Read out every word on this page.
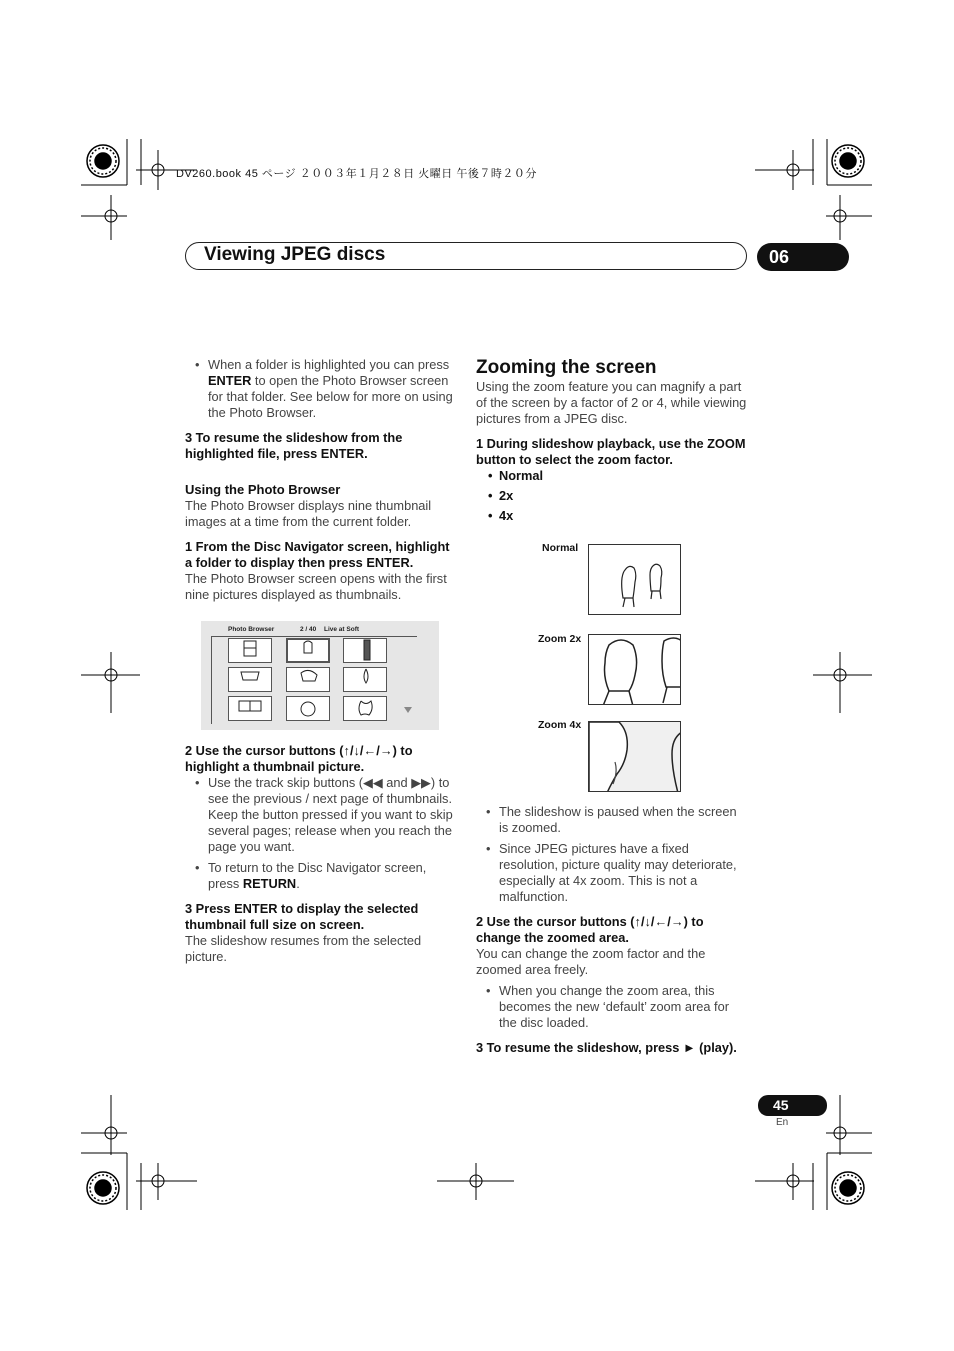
DV260.book 45 ページ ２００３年１月２８日 火曜日 午後７時２０分
Viewing JPEG discs	06

• When a folder is highlighted you can press ENTER to open the Photo Browser screen for that folder. See below for more on using the Photo Browser.

3 To resume the slideshow from the highlighted file, press ENTER.

Using the Photo Browser

The Photo Browser displays nine thumbnail images at a time from the current folder.

1 From the Disc Navigator screen, highlight a folder to display then press ENTER.

The Photo Browser screen opens with the first nine pictures displayed as thumbnails.

Photo Browser	2 / 40 Live at Soft

2 Use the cursor buttons (↑/↓/←/→) to highlight a thumbnail picture.

• Use the track skip buttons (◀◀ and ▶▶) to see the previous / next page of thumbnails. Keep the button pressed if you want to skip several pages; release when you reach the page you want.

• To return to the Disc Navigator screen, press RETURN.

3 Press ENTER to display the selected thumbnail full size on screen.

The slideshow resumes from the selected picture.

Zooming the screen

Using the zoom feature you can magnify a part of the screen by a factor of 2 or 4, while viewing pictures from a JPEG disc.

1 During slideshow playback, use the ZOOM button to select the zoom factor.

• Normal

• 2x

• 4x

Normal
Zoom 2x
Zoom 4x

• The slideshow is paused when the screen is zoomed.

• Since JPEG pictures have a fixed resolution, picture quality may deteriorate, especially at 4x zoom. This is not a malfunction.

2 Use the cursor buttons (↑/↓/←/→) to change the zoomed area.

You can change the zoom factor and the zoomed area freely.

• When you change the zoom area, this becomes the new ‘default’ zoom area for the disc loaded.

3 To resume the slideshow, press ► (play).

45
En
